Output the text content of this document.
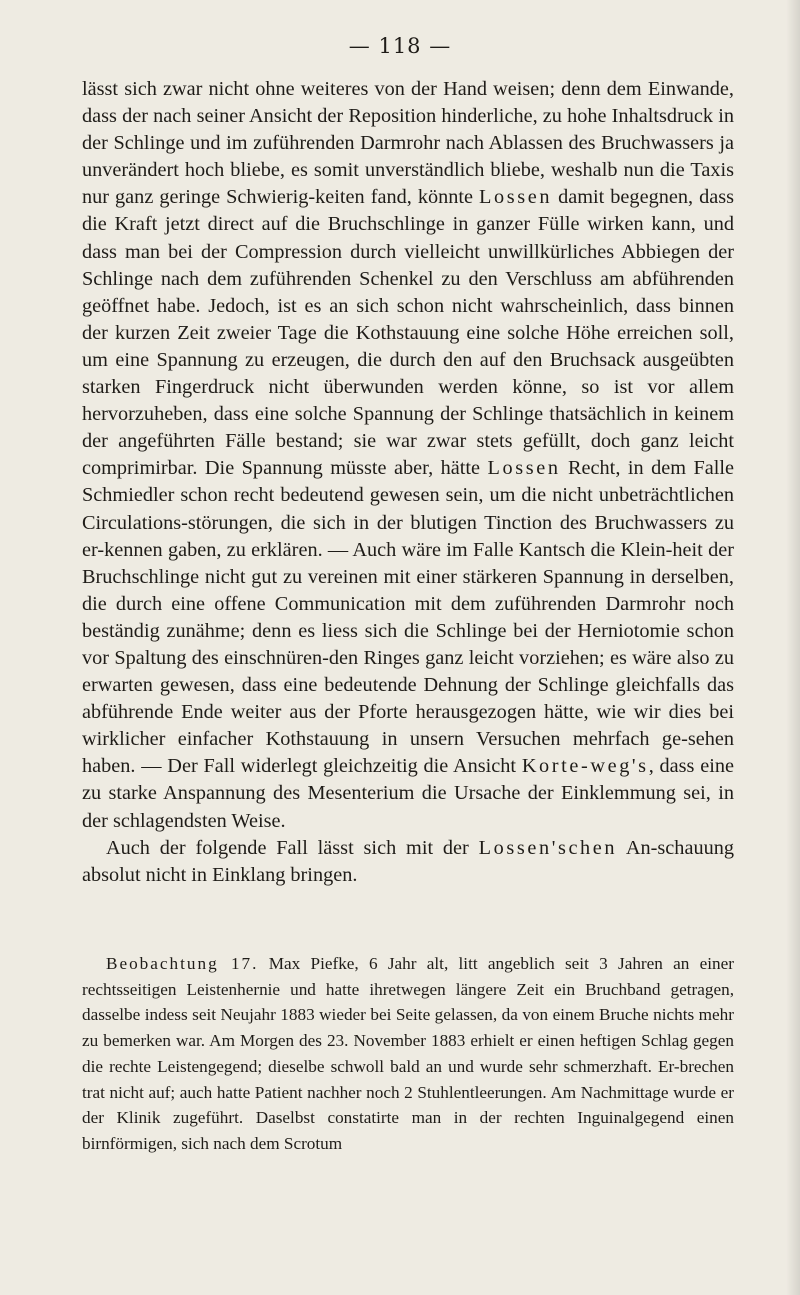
— 118 —

lässt sich zwar nicht ohne weiteres von der Hand weisen; denn dem Einwande, dass der nach seiner Ansicht der Reposition hinderliche, zu hohe Inhaltsdruck in der Schlinge und im zuführenden Darmrohr nach Ablassen des Bruchwassers ja unverändert hoch bliebe, es somit unverständlich bliebe, weshalb nun die Taxis nur ganz geringe Schwierig-keiten fand, könnte Lossen damit begegnen, dass die Kraft jetzt direct auf die Bruchschlinge in ganzer Fülle wirken kann, und dass man bei der Compression durch vielleicht unwillkürliches Abbiegen der Schlinge nach dem zuführenden Schenkel zu den Verschluss am abführenden geöffnet habe. Jedoch, ist es an sich schon nicht wahrscheinlich, dass binnen der kurzen Zeit zweier Tage die Kothstauung eine solche Höhe erreichen soll, um eine Spannung zu erzeugen, die durch den auf den Bruchsack ausgeübten starken Fingerdruck nicht überwunden werden könne, so ist vor allem hervorzuheben, dass eine solche Spannung der Schlinge thatsächlich in keinem der angeführten Fälle bestand; sie war zwar stets gefüllt, doch ganz leicht comprimirbar. Die Spannung müsste aber, hätte Lossen Recht, in dem Falle Schmiedler schon recht bedeutend gewesen sein, um die nicht unbeträchtlichen Circulations-störungen, die sich in der blutigen Tinction des Bruchwassers zu er-kennen gaben, zu erklären. — Auch wäre im Falle Kantsch die Klein-heit der Bruchschlinge nicht gut zu vereinen mit einer stärkeren Spannung in derselben, die durch eine offene Communication mit dem zuführenden Darmrohr noch beständig zunähme; denn es liess sich die Schlinge bei der Herniotomie schon vor Spaltung des einschnüren-den Ringes ganz leicht vorziehen; es wäre also zu erwarten gewesen, dass eine bedeutende Dehnung der Schlinge gleichfalls das abführende Ende weiter aus der Pforte herausgezogen hätte, wie wir dies bei wirklicher einfacher Kothstauung in unsern Versuchen mehrfach ge-sehen haben. — Der Fall widerlegt gleichzeitig die Ansicht Korte-weg's, dass eine zu starke Anspannung des Mesenterium die Ursache der Einklemmung sei, in der schlagendsten Weise.

Auch der folgende Fall lässt sich mit der Lossen'schen An-schauung absolut nicht in Einklang bringen.

Beobachtung 17. Max Piefke, 6 Jahr alt, litt angeblich seit 3 Jahren an einer rechtsseitigen Leistenhernie und hatte ihretwegen längere Zeit ein Bruchband getragen, dasselbe indess seit Neujahr 1883 wieder bei Seite gelassen, da von einem Bruche nichts mehr zu bemerken war. Am Morgen des 23. November 1883 erhielt er einen heftigen Schlag gegen die rechte Leistengegend; dieselbe schwoll bald an und wurde sehr schmerzhaft. Er-brechen trat nicht auf; auch hatte Patient nachher noch 2 Stuhlentleerungen. Am Nachmittage wurde er der Klinik zugeführt. Daselbst constatirte man in der rechten Inguinalgegend einen birnförmigen, sich nach dem Scrotum
